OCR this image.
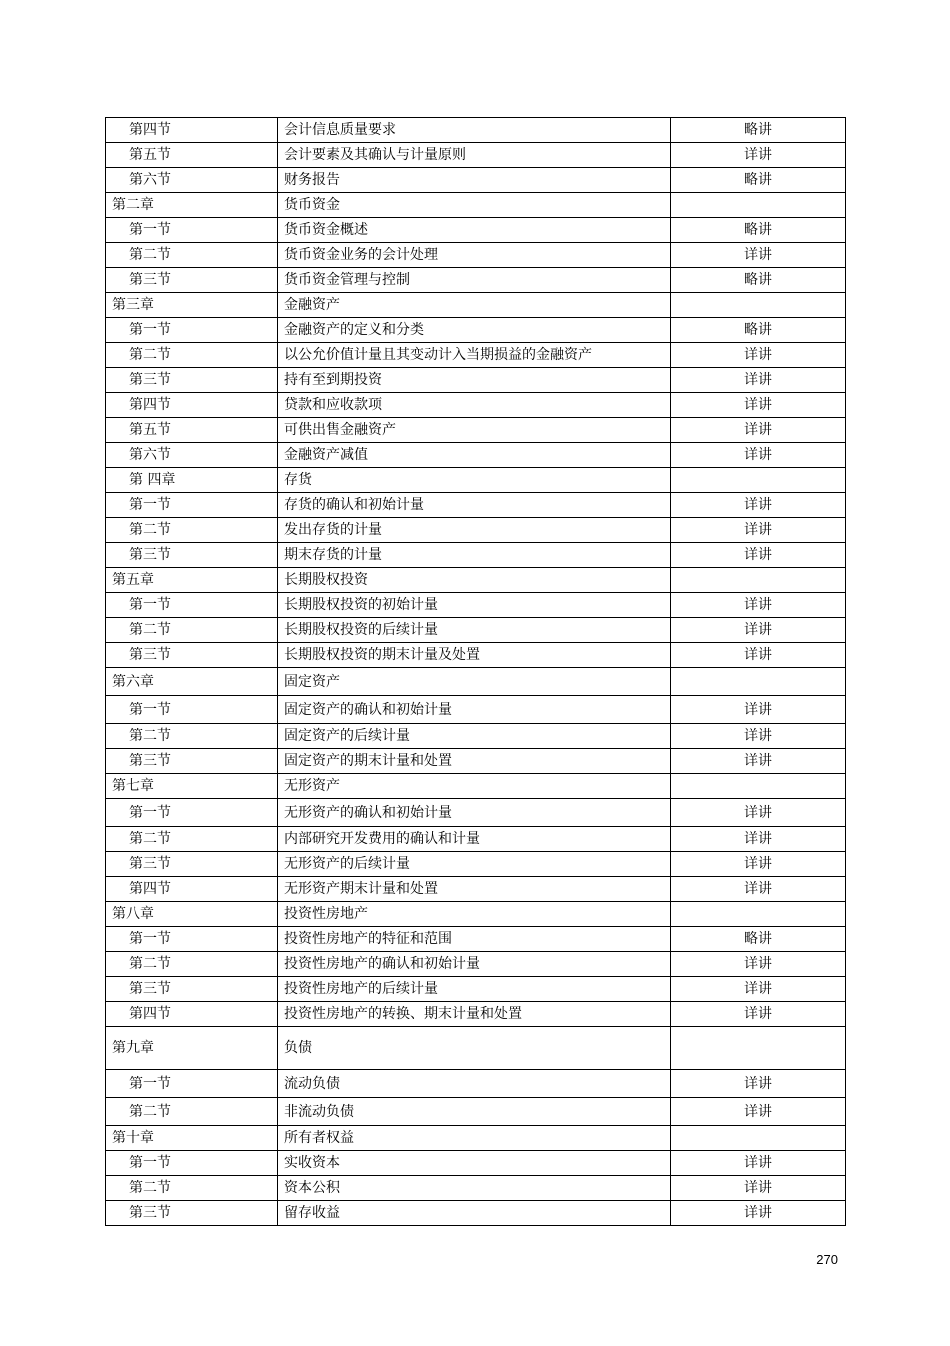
第四节	会计信息质量要求	略讲
第五节	会计要素及其确认与计量原则	详讲
第六节	财务报告	略讲
第二章	货币资金	
第一节	货币资金概述	略讲
第二节	货币资金业务的会计处理	详讲
第三节	货币资金管理与控制	略讲
第三章	金融资产	
第一节	金融资产的定义和分类	略讲
第二节	以公允价值计量且其变动计入当期损益的金融资产	详讲
第三节	持有至到期投资	详讲
第四节	贷款和应收款项	详讲
第五节	可供出售金融资产	详讲
第六节	金融资产减值	详讲
第 四章	存货	
第一节	存货的确认和初始计量	详讲
第二节	发出存货的计量	详讲
第三节	期末存货的计量	详讲
第五章	长期股权投资	
第一节	长期股权投资的初始计量	详讲
第二节	长期股权投资的后续计量	详讲
第三节	长期股权投资的期末计量及处置	详讲
第六章	固定资产	
第一节	固定资产的确认和初始计量	详讲
第二节	固定资产的后续计量	详讲
第三节	固定资产的期末计量和处置	详讲
第七章	无形资产	
第一节	无形资产的确认和初始计量	详讲
第二节	内部研究开发费用的确认和计量	详讲
第三节	无形资产的后续计量	详讲
第四节	无形资产期末计量和处置	详讲
第八章	投资性房地产	
第一节	投资性房地产的特征和范围	略讲
第二节	投资性房地产的确认和初始计量	详讲
第三节	投资性房地产的后续计量	详讲
第四节	投资性房地产的转换、期末计量和处置	详讲
第九章	负债	
第一节	流动负债	详讲
第二节	非流动负债	详讲
第十章	所有者权益	
第一节	实收资本	详讲
第二节	资本公积	详讲
第三节	留存收益	详讲
270
